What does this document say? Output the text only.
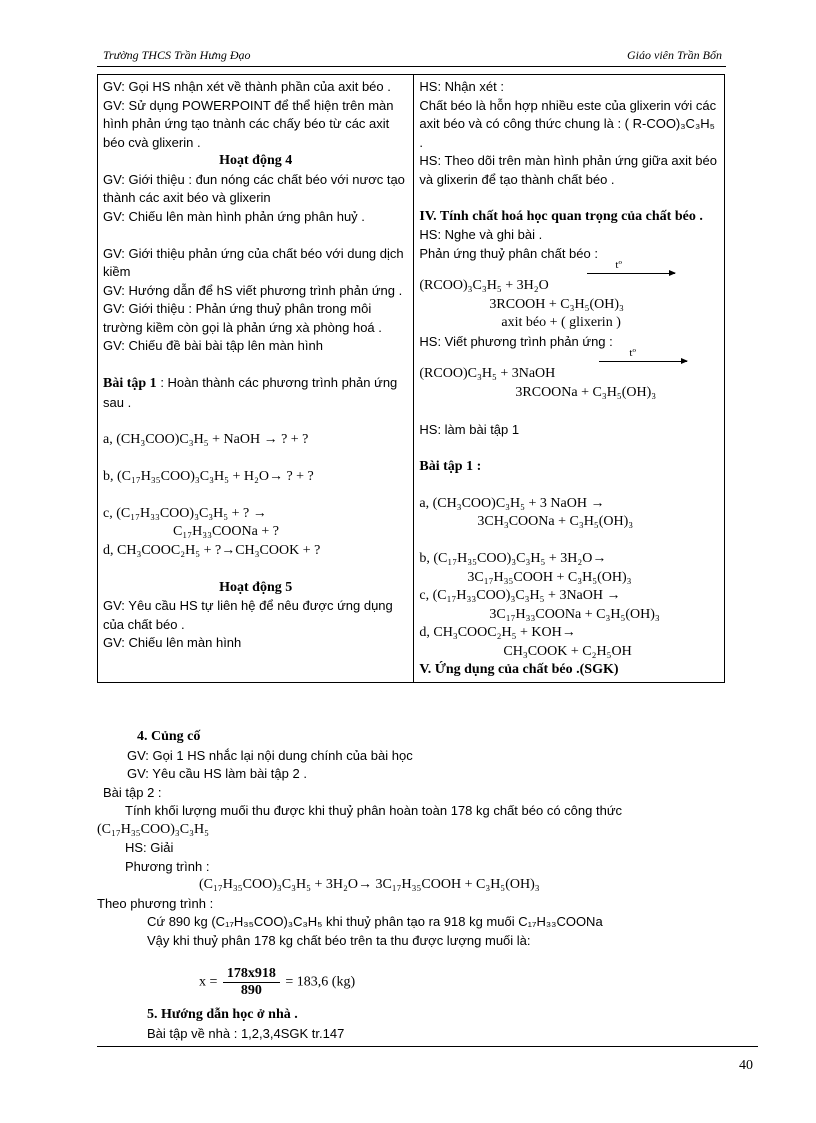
Trường THCS Trần Hưng Đạo	Giáo viên Trần Bốn
GV: Gọi HS nhận xét về thành phần của axit béo .
GV: Sử dụng POWERPOINT để thể hiện trên màn hình phản ứng tạo tnành các chấy béo từ các axit béo cvà glixerin .
Hoạt động 4
GV: Giới thiệu : đun nóng các chất béo với nươc tạo thành các axit béo và glixerin
GV: Chiếu lên màn hình phản ứng phân huỷ .
GV: Giới thiệu phản ứng của chất béo với dung dịch kiềm
GV: Hướng dẫn để hS viết phương trình phản ứng .
GV: Giới thiệu : Phản ứng thuỷ phân trong môi trường kiềm còn gọi là phản ứng xà phòng hoá .
GV: Chiếu đề bài bài tập lên màn hình
Bài tập 1 : Hoàn thành các phương trình phản ứng sau .
a, (CH₃COO)C₃H₅ + NaOH → ? + ?
b, (C₁₇H₃₅COO)₃C₃H₅ + H₂O→ ? + ?
c, (C₁₇H₃₃COO)₃C₃H₅ + ? →
C₁₇H₃₃COONa + ?
d, CH₃COOC₂H₅ + ?→CH₃COOK + ?
Hoạt động 5
GV: Yêu cầu HS tự liên hệ để nêu được ứng dụng của chất béo .
GV: Chiếu lên màn hình

HS: Nhận xét :
Chất béo là hỗn hợp nhiều este của glixerin với các axit béo và có công thức chung là : ( R-COO)₃C₃H₅ .
HS: Theo dõi trên màn hình phản ứng giữa axit béo và glixerin để tạo thành chất béo .
IV. Tính chất hoá học quan trọng của chất béo .
HS: Nghe và ghi bài .
Phản ứng thuỷ phân chất béo :
tº
(RCOO)₃C₃H₅ + 3H₂O
3RCOOH + C₃H₅(OH)₃
axit béo + ( glixerin )
HS: Viết phương trình phản ứng :
tº
(RCOO)C₃H₅ + 3NaOH
3RCOONa + C₃H₅(OH)₃
HS: làm bài tập 1
Bài tập 1 :
a, (CH₃COO)C₃H₅ + 3 NaOH →
3CH₃COONa + C₃H₅(OH)₃
b, (C₁₇H₃₅COO)₃C₃H₅ + 3H₂O→
3C₁₇H₃₅COOH + C₃H₅(OH)₃
c, (C₁₇H₃₃COO)₃C₃H₅ + 3NaOH →
3C₁₇H₃₃COONa + C₃H₅(OH)₃
d, CH₃COOC₂H₅ + KOH→
CH₃COOK + C₂H₅OH
V. Ứng dụng của chất béo .(SGK)
4. Củng cố
GV: Gọi 1 HS nhắc lại nội dung chính của bài học
GV: Yêu cầu HS làm bài tập 2 .
Bài tập 2 :
Tính khối lượng muối thu được khi thuỷ phân hoàn toàn 178 kg chất béo có công thức
(C₁₇H₃₅COO)₃C₃H₅
HS: Giải
Phương trình :
(C₁₇H₃₅COO)₃C₃H₅ + 3H₂O→ 3C₁₇H₃₅COOH + C₃H₅(OH)₃
Theo phương trình :
Cứ 890 kg (C₁₇H₃₅COO)₃C₃H₅ khi thuỷ phân tạo ra 918 kg muối C₁₇H₃₃COONa
Vậy khi thuỷ phân 178 kg chất béo trên ta thu được lượng muối là:
$x = \frac{178x918}{890} = 183,6$ (kg)
5. Hướng dẫn học ở nhà .
Bài tập về nhà : 1,2,3,4SGK tr.147
40
